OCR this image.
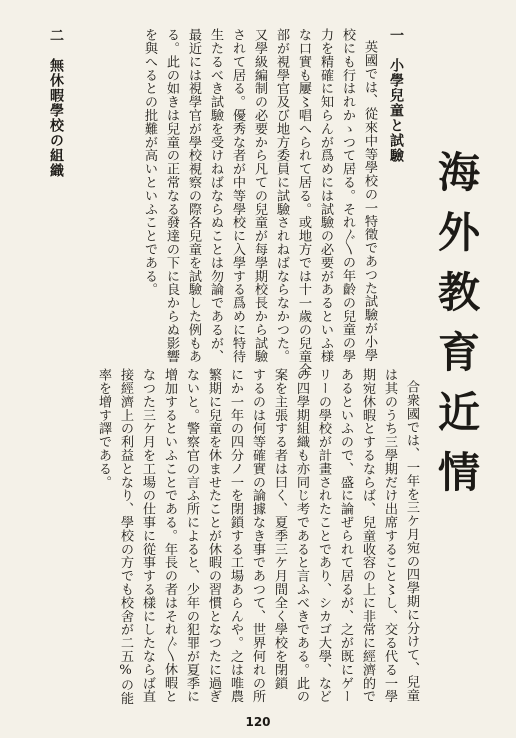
海外教育近情
合衆國では、一年を三ケ月宛の四學期に分けて、兒童
は其のうち三學期だけ出席すること〻し、交る代る一學
期宛休暇とするならば、兒童收容の上に非常に經濟的で
あるといふので、盛に論ぜられて居るが、之が既にゲー
リーの學校が計畫されたことであり、シカゴ大學、など
の四學期組織も亦同じ考であると言ふべきである。此の
案を主張する者は曰く、夏季三ケ月間全く學校を閉鎖
するのは何等確實の論據なき事であつて、世界何れの所
にか一年の四分ノ一を閉鎖する工場あらんや。之は唯農
繁期に兒童を休ませたことが休暇の習慣となつたに過ぎ
ないと。警察官の言ふ所によると、少年の犯罪が夏季に
增加するといふことである。年長の者はそれ〴〵休暇と
なつた三ケ月を工場の仕事に從事する樣にしたならば直
接經濟上の利益となり、學校の方でも校舍が二五%の能
率を增す譯である。
一　小學兒童と試驗
英國では、從來中等學校の一特徵であつた試驗が小學
校にも行はれかゝつて居る。それ〴〵の年齡の兒童の學
力を精確に知らんが爲めには試驗の必要があるといふ様
な口實も屢〻唱へられて居る。或地方では十一歲の兒童全
部が視學官及び地方委員に試驗されねばならなかつた。
又學級編制の必要から凡ての兒童が每學期校長から試驗
されて居る。優秀な者が中等學校に入學する爲めに特待
生たるべき試驗を受けねばならぬことは勿論であるが、
最近には視學官が學校視察の際各兒童を試驗した例もあ
る。此の如きは兒童の正常なる發達の下に良からぬ影響
を與へるとの批難が高いといふことである。
二　無休暇學校の組織
120
